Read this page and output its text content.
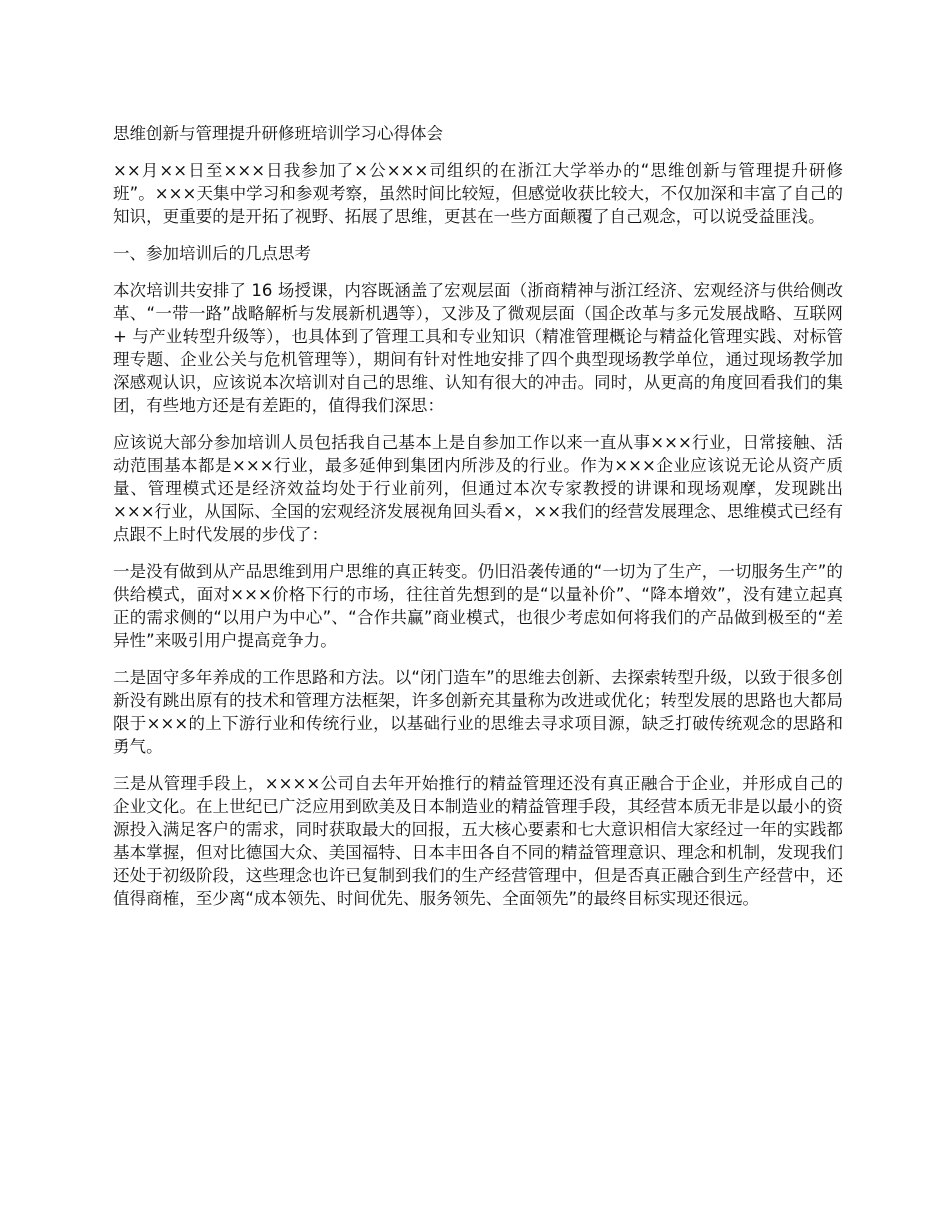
思维创新与管理提升研修班培训学习心得体会

××月××日至×××日我参加了×公×××司组织的在浙江大学举办的“思维创新与管理提升研修班”。×××天集中学习和参观考察，虽然时间比较短，但感觉收获比较大，不仅加深和丰富了自己的知识，更重要的是开拓了视野、拓展了思维，更甚在一些方面颠覆了自己观念，可以说受益匪浅。

一、参加培训后的几点思考

本次培训共安排了 16 场授课，内容既涵盖了宏观层面（浙商精神与浙江经济、宏观经济与供给侧改革、“一带一路”战略解析与发展新机遇等），又涉及了微观层面（国企改革与多元发展战略、互联网 + 与产业转型升级等），也具体到了管理工具和专业知识（精准管理概论与精益化管理实践、对标管理专题、企业公关与危机管理等），期间有针对性地安排了四个典型现场教学单位，通过现场教学加深感观认识，应该说本次培训对自己的思维、认知有很大的冲击。同时，从更高的角度回看我们的集团，有些地方还是有差距的，值得我们深思：

应该说大部分参加培训人员包括我自己基本上是自参加工作以来一直从事×××行业，日常接触、活动范围基本都是×××行业，最多延伸到集团内所涉及的行业。作为×××企业应该说无论从资产质量、管理模式还是经济效益均处于行业前列，但通过本次专家教授的讲课和现场观摩，发现跳出×××行业，从国际、全国的宏观经济发展视角回头看×，××我们的经营发展理念、思维模式已经有点跟不上时代发展的步伐了：

一是没有做到从产品思维到用户思维的真正转变。仍旧沿袭传通的“一切为了生产，一切服务生产”的供给模式，面对×××价格下行的市场，往往首先想到的是“以量补价”、“降本增效”，没有建立起真正的需求侧的“以用户为中心”、“合作共赢”商业模式，也很少考虑如何将我们的产品做到极至的“差异性”来吸引用户提高竞争力。

二是固守多年养成的工作思路和方法。以“闭门造车”的思维去创新、去探索转型升级，以致于很多创新没有跳出原有的技术和管理方法框架，许多创新充其量称为改进或优化；转型发展的思路也大都局限于×××的上下游行业和传统行业，以基础行业的思维去寻求项目源，缺乏打破传统观念的思路和勇气。

三是从管理手段上，××××公司自去年开始推行的精益管理还没有真正融合于企业，并形成自己的企业文化。在上世纪已广泛应用到欧美及日本制造业的精益管理手段，其经营本质无非是以最小的资源投入满足客户的需求，同时获取最大的回报，五大核心要素和七大意识相信大家经过一年的实践都基本掌握，但对比德国大众、美国福特、日本丰田各自不同的精益管理意识、理念和机制，发现我们还处于初级阶段，这些理念也许已复制到我们的生产经营管理中，但是否真正融合到生产经营中，还值得商榷，至少离“成本领先、时间优先、服务领先、全面领先”的最终目标实现还很远。
